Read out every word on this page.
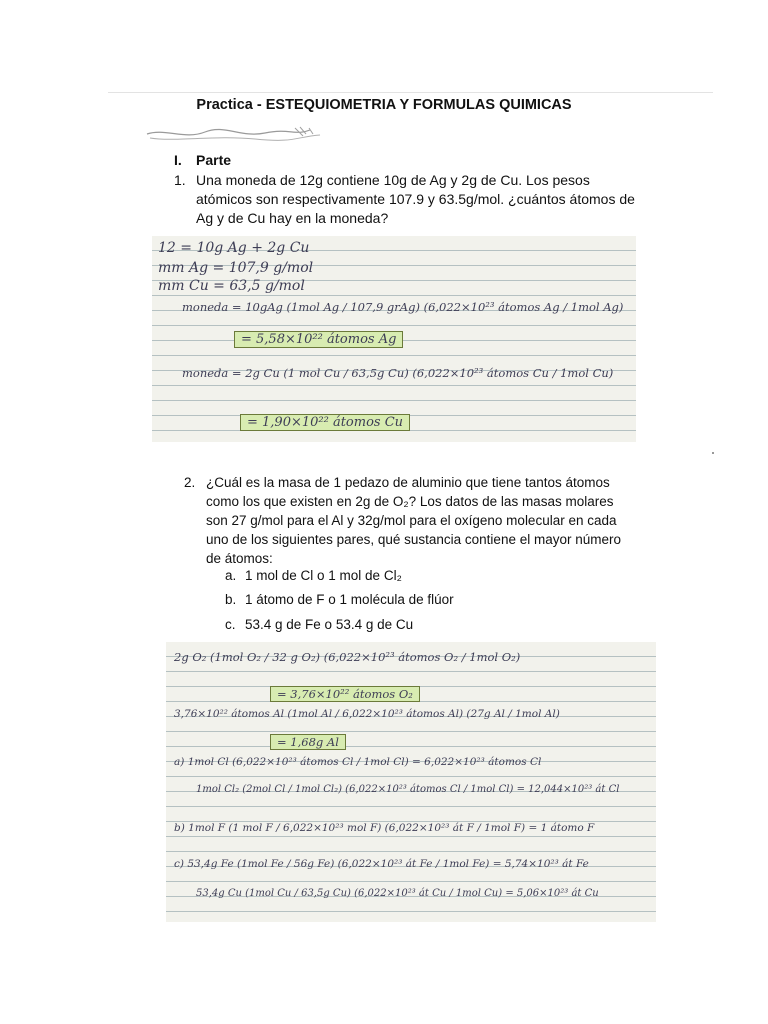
Practica - ESTEQUIOMETRIA Y FORMULAS QUIMICAS
I. Parte
1. Una moneda de 12g contiene 10g de Ag y 2g de Cu. Los pesos
atómicos son respectivamente 107.9 y 63.5g/mol. ¿cuántos átomos de
Ag y de Cu hay en la moneda?
12 = 10g Ag + 2g Cu
mm Ag = 107,9 g/mol
mm Cu = 63,5 g/mol
moneda = 10gAg (1mol Ag / 107,9 grAg) (6,022×10²³ átomos Ag / 1mol Ag)
= 5,58×10²² átomos Ag
moneda = 2g Cu (1 mol Cu / 63,5g Cu) (6,022×10²³ átomos Cu / 1mol Cu)
= 1,90×10²² átomos Cu
2. ¿Cuál es la masa de 1 pedazo de aluminio que tiene tantos átomos
como los que existen en 2g de O₂? Los datos de las masas molares
son 27 g/mol para el Al y 32g/mol para el oxígeno molecular en cada
uno de los siguientes pares, qué sustancia contiene el mayor número
de átomos:
a. 1 mol de Cl o 1 mol de Cl₂
b. 1 átomo de F o 1 molécula de flúor
c. 53.4 g de Fe o 53.4 g de Cu
2g O₂ (1mol O₂ / 32 g O₂) (6,022×10²³ átomos O₂ / 1mol O₂)
= 3,76×10²² átomos O₂
3,76×10²² átomos Al (1mol Al / 6,022×10²³ átomos Al) (27g Al / 1mol Al)
= 1,68g Al
a) 1mol Cl (6,022×10²³ átomos Cl / 1mol Cl) = 6,022×10²³ átomos Cl
1mol Cl₂ (2mol Cl / 1mol Cl₂) (6,022×10²³ átomos Cl / 1mol Cl) = 12,044×10²³ át Cl
b) 1mol F (1 mol F / 6,022×10²³ mol F) (6,022×10²³ át F / 1mol F) = 1 átomo F
c) 53,4g Fe (1mol Fe / 56g Fe) (6,022×10²³ át Fe / 1mol Fe) = 5,74×10²³ át Fe
53,4g Cu (1mol Cu / 63,5g Cu) (6,022×10²³ át Cu / 1mol Cu) = 5,06×10²³ át Cu
